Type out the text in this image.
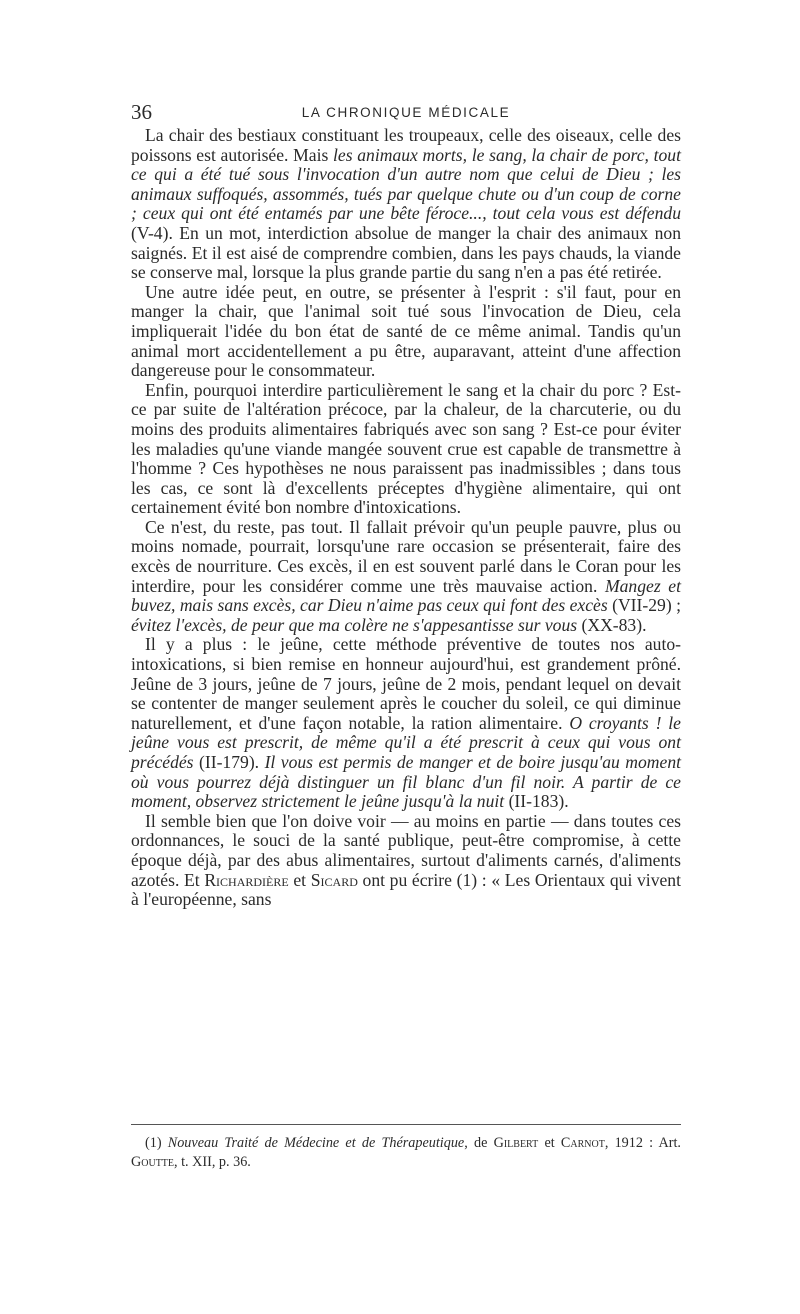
36	LA CHRONIQUE MÉDICALE

La chair des bestiaux constituant les troupeaux, celle des oiseaux, celle des poissons est autorisée. Mais les animaux morts, le sang, la chair de porc, tout ce qui a été tué sous l'invocation d'un autre nom que celui de Dieu ; les animaux suffoqués, assommés, tués par quelque chute ou d'un coup de corne ; ceux qui ont été entamés par une bête féroce..., tout cela vous est défendu (V-4). En un mot, interdiction absolue de manger la chair des animaux non saignés. Et il est aisé de comprendre combien, dans les pays chauds, la viande se conserve mal, lorsque la plus grande partie du sang n'en a pas été retirée.

Une autre idée peut, en outre, se présenter à l'esprit : s'il faut, pour en manger la chair, que l'animal soit tué sous l'invocation de Dieu, cela impliquerait l'idée du bon état de santé de ce même animal. Tandis qu'un animal mort accidentellement a pu être, auparavant, atteint d'une affection dangereuse pour le consommateur.

Enfin, pourquoi interdire particulièrement le sang et la chair du porc ? Est-ce par suite de l'altération précoce, par la chaleur, de la charcuterie, ou du moins des produits alimentaires fabriqués avec son sang ? Est-ce pour éviter les maladies qu'une viande mangée souvent crue est capable de transmettre à l'homme ? Ces hypothèses ne nous paraissent pas inadmissibles ; dans tous les cas, ce sont là d'excellents préceptes d'hygiène alimentaire, qui ont certainement évité bon nombre d'intoxications.

Ce n'est, du reste, pas tout. Il fallait prévoir qu'un peuple pauvre, plus ou moins nomade, pourrait, lorsqu'une rare occasion se présenterait, faire des excès de nourriture. Ces excès, il en est souvent parlé dans le Coran pour les interdire, pour les considérer comme une très mauvaise action. Mangez et buvez, mais sans excès, car Dieu n'aime pas ceux qui font des excès (VII-29) ; évitez l'excès, de peur que ma colère ne s'appesantisse sur vous (XX-83).

Il y a plus : le jeûne, cette méthode préventive de toutes nos auto-intoxications, si bien remise en honneur aujourd'hui, est grandement prôné. Jeûne de 3 jours, jeûne de 7 jours, jeûne de 2 mois, pendant lequel on devait se contenter de manger seulement après le coucher du soleil, ce qui diminue naturellement, et d'une façon notable, la ration alimentaire. O croyants ! le jeûne vous est prescrit, de même qu'il a été prescrit à ceux qui vous ont précédés (II-179). Il vous est permis de manger et de boire jusqu'au moment où vous pourrez déjà distinguer un fil blanc d'un fil noir. A partir de ce moment, observez strictement le jeûne jusqu'à la nuit (II-183).

Il semble bien que l'on doive voir — au moins en partie — dans toutes ces ordonnances, le souci de la santé publique, peut-être compromise, à cette époque déjà, par des abus alimentaires, surtout d'aliments carnés, d'aliments azotés. Et Richardière et Sicard ont pu écrire (1) : « Les Orientaux qui vivent à l'européenne, sans

(1) Nouveau Traité de Médecine et de Thérapeutique, de Gilbert et Carnot, 1912 : Art. Goutte, t. XII, p. 36.
